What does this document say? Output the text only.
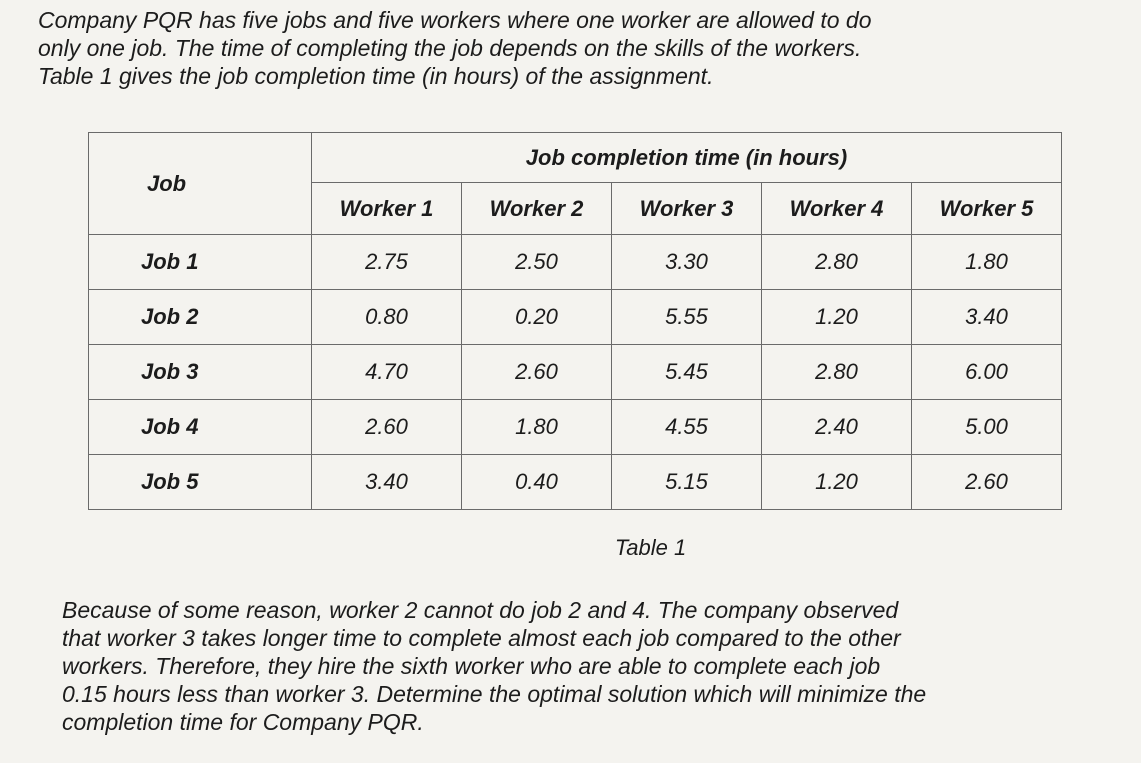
Company PQR has five jobs and five workers where one worker are allowed to do
only one job. The time of completing the job depends on the skills of the workers.
Table 1 gives the job completion time (in hours) of the assignment.

Job	Job completion time (in hours)				
	Worker 1	Worker 2	Worker 3	Worker 4	Worker 5
Job 1	2.75	2.50	3.30	2.80	1.80
Job 2	0.80	0.20	5.55	1.20	3.40
Job 3	4.70	2.60	5.45	2.80	6.00
Job 4	2.60	1.80	4.55	2.40	5.00
Job 5	3.40	0.40	5.15	1.20	2.60
Table 1

Because of some reason, worker 2 cannot do job 2 and 4. The company observed
that worker 3 takes longer time to complete almost each job compared to the other
workers. Therefore, they hire the sixth worker who are able to complete each job
0.15 hours less than worker 3. Determine the optimal solution which will minimize the
completion time for Company PQR.
